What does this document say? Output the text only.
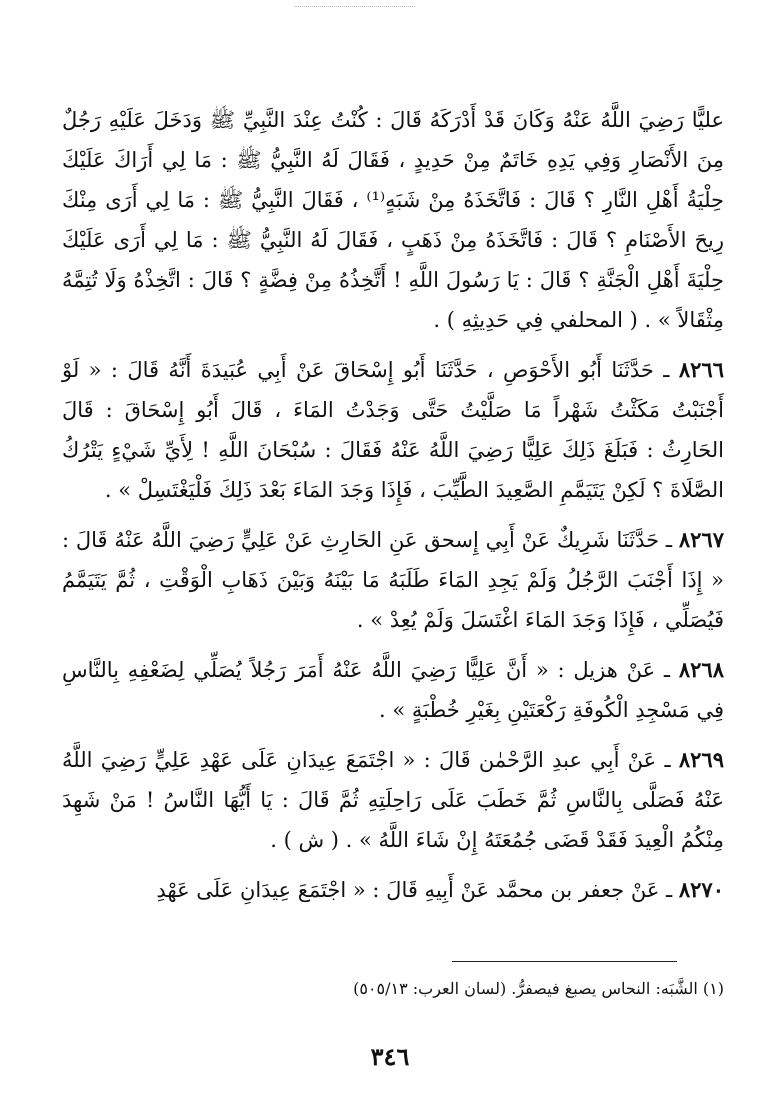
عليًّا رَضِيَ اللَّهُ عَنْهُ وَكَانَ قَدْ أَدْرَكَهُ قَالَ : كُنْتُ عِنْدَ النَّبِيِّ ﷺ وَدَخَلَ عَلَيْهِ رَجُلٌ مِنَ الأَنْصَارِ وَفِي يَدِهِ خَاتَمٌ مِنْ حَدِيدٍ ، فَقَالَ لَهُ النَّبِيُّ ﷺ : مَا لِي أَرَاكَ عَلَيْكَ حِلْيَةُ أَهْلِ النَّارِ ؟ قَالَ : فَاتَّخَذَهُ مِنْ شَبَهٍ⁽¹⁾ ، فَقَالَ النَّبِيُّ ﷺ : مَا لِي أَرَى مِنْكَ رِيحَ الأَصْنَامِ ؟ قَالَ : فَاتَّخَذَهُ مِنْ ذَهَبٍ ، فَقَالَ لَهُ النَّبِيُّ ﷺ : مَا لِي أَرَى عَلَيْكَ حِلْيَةَ أَهْلِ الْجَنَّةِ ؟ قَالَ : يَا رَسُولَ اللَّهِ ! أَتَّخِذُهُ مِنْ فِضَّةٍ ؟ قَالَ : اتَّخِذْهُ وَلَا تُتِمَّهُ مِثْقَالاً » . ( المحلفي فِي حَدِيثِهِ ) .

٨٢٦٦ ـ حَدَّثَنَا أَبُو الأَحْوَصِ ، حَدَّثَنَا أَبُو إِسْحَاقَ عَنْ أَبِي عُبَيدَةَ أَنَّهُ قَالَ : « لَوْ أَجْنَبْتُ مَكَثْتُ شَهْراً مَا صَلَّيْتُ حَتَّى وَجَدْتُ المَاءَ ، قَالَ أَبُو إِسْحَاقَ : قَالَ الحَارِثُ : فَبَلَغَ ذَلِكَ عَلِيًّا رَضِيَ اللَّهُ عَنْهُ فَقَالَ : سُبْحَانَ اللَّهِ ! لِأَيِّ شَيْءٍ يَتْرُكُ الصَّلَاةَ ؟ لَكِنْ يَتَيَمَّمِ الصَّعِيدَ الطَّيِّبَ ، فَإِذَا وَجَدَ المَاءَ بَعْدَ ذَلِكَ فَلْيَغْتَسِلْ » .

٨٢٦٧ ـ حَدَّثَنَا شَرِيكٌ عَنْ أَبِي إِسحق عَنِ الحَارِثِ عَنْ عَلِيٍّ رَضِيَ اللَّهُ عَنْهُ قَالَ : « إِذَا أَجْنَبَ الرَّجُلُ وَلَمْ يَجِدِ المَاءَ طَلَبَهُ مَا بَيْنَهُ وَبَيْنَ ذَهَابِ الْوَقْتِ ، ثُمَّ يَتَيَمَّمُ فَيُصَلِّي ، فَإِذَا وَجَدَ المَاءَ اغْتَسَلَ وَلَمْ يُعِدْ » .

٨٢٦٨ ـ عَنْ هزيل : « أَنَّ عَلِيًّا رَضِيَ اللَّهُ عَنْهُ أَمَرَ رَجُلاً يُصَلِّي لِضَعْفِهِ بِالنَّاسِ فِي مَسْجِدِ الْكُوفَةِ رَكْعَتَيْنِ بِغَيْرِ خُطْبَةٍ » .

٨٢٦٩ ـ عَنْ أَبِي عبدِ الرَّحْمٰن قَالَ : « اجْتَمَعَ عِيدَانِ عَلَى عَهْدِ عَلِيٍّ رَضِيَ اللَّهُ عَنْهُ فَصَلَّى بِالنَّاسِ ثُمَّ خَطَبَ عَلَى رَاحِلَتِهِ ثُمَّ قَالَ : يَا أَيُّهَا النَّاسُ ! مَنْ شَهِدَ مِنْكُمُ الْعِيدَ فَقَدْ قَضَى جُمُعَتَهُ إِنْ شَاءَ اللَّهُ » . ( ش ) .

٨٢٧٠ ـ عَنْ جعفر بن محمَّد عَنْ أَبِيهِ قَالَ : « اجْتَمَعَ عِيدَانِ عَلَى عَهْدِ

(١) الشَّبَه: النحاس يصبغ فيصفرُّ. (لسان العرب: ٥٠٥/١٣)
٣٤٦
